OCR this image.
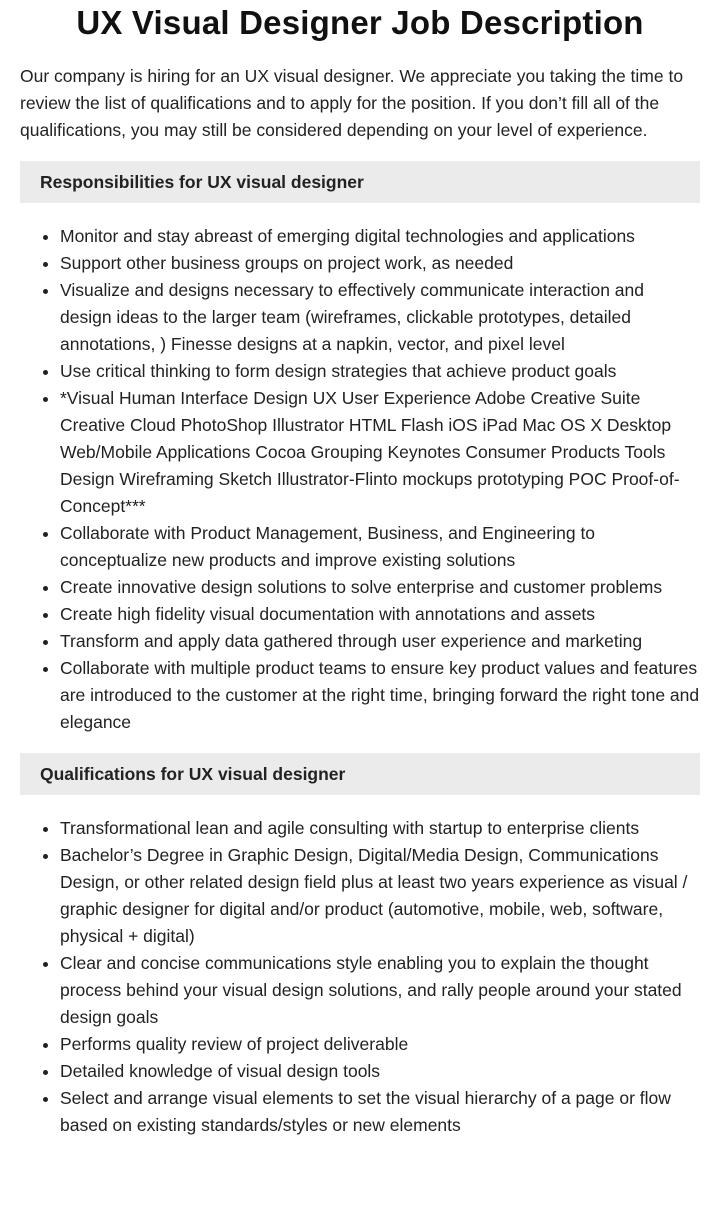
UX Visual Designer Job Description

Our company is hiring for an UX visual designer. We appreciate you taking the time to review the list of qualifications and to apply for the position. If you don’t fill all of the qualifications, you may still be considered depending on your level of experience.

Responsibilities for UX visual designer
• Monitor and stay abreast of emerging digital technologies and applications
• Support other business groups on project work, as needed
• Visualize and designs necessary to effectively communicate interaction and design ideas to the larger team (wireframes, clickable prototypes, detailed annotations, ) Finesse designs at a napkin, vector, and pixel level
• Use critical thinking to form design strategies that achieve product goals
• *Visual Human Interface Design UX User Experience Adobe Creative Suite Creative Cloud PhotoShop Illustrator HTML Flash iOS iPad Mac OS X Desktop Web/Mobile Applications Cocoa Grouping Keynotes Consumer Products Tools Design Wireframing Sketch Illustrator-Flinto mockups prototyping POC Proof-of-Concept***
• Collaborate with Product Management, Business, and Engineering to conceptualize new products and improve existing solutions
• Create innovative design solutions to solve enterprise and customer problems
• Create high fidelity visual documentation with annotations and assets
• Transform and apply data gathered through user experience and marketing
• Collaborate with multiple product teams to ensure key product values and features are introduced to the customer at the right time, bringing forward the right tone and elegance
Qualifications for UX visual designer
• Transformational lean and agile consulting with startup to enterprise clients
• Bachelor’s Degree in Graphic Design, Digital/Media Design, Communications Design, or other related design field plus at least two years experience as visual / graphic designer for digital and/or product (automotive, mobile, web, software, physical + digital)
• Clear and concise communications style enabling you to explain the thought process behind your visual design solutions, and rally people around your stated design goals
• Performs quality review of project deliverable
• Detailed knowledge of visual design tools
• Select and arrange visual elements to set the visual hierarchy of a page or flow based on existing standards/styles or new elements
